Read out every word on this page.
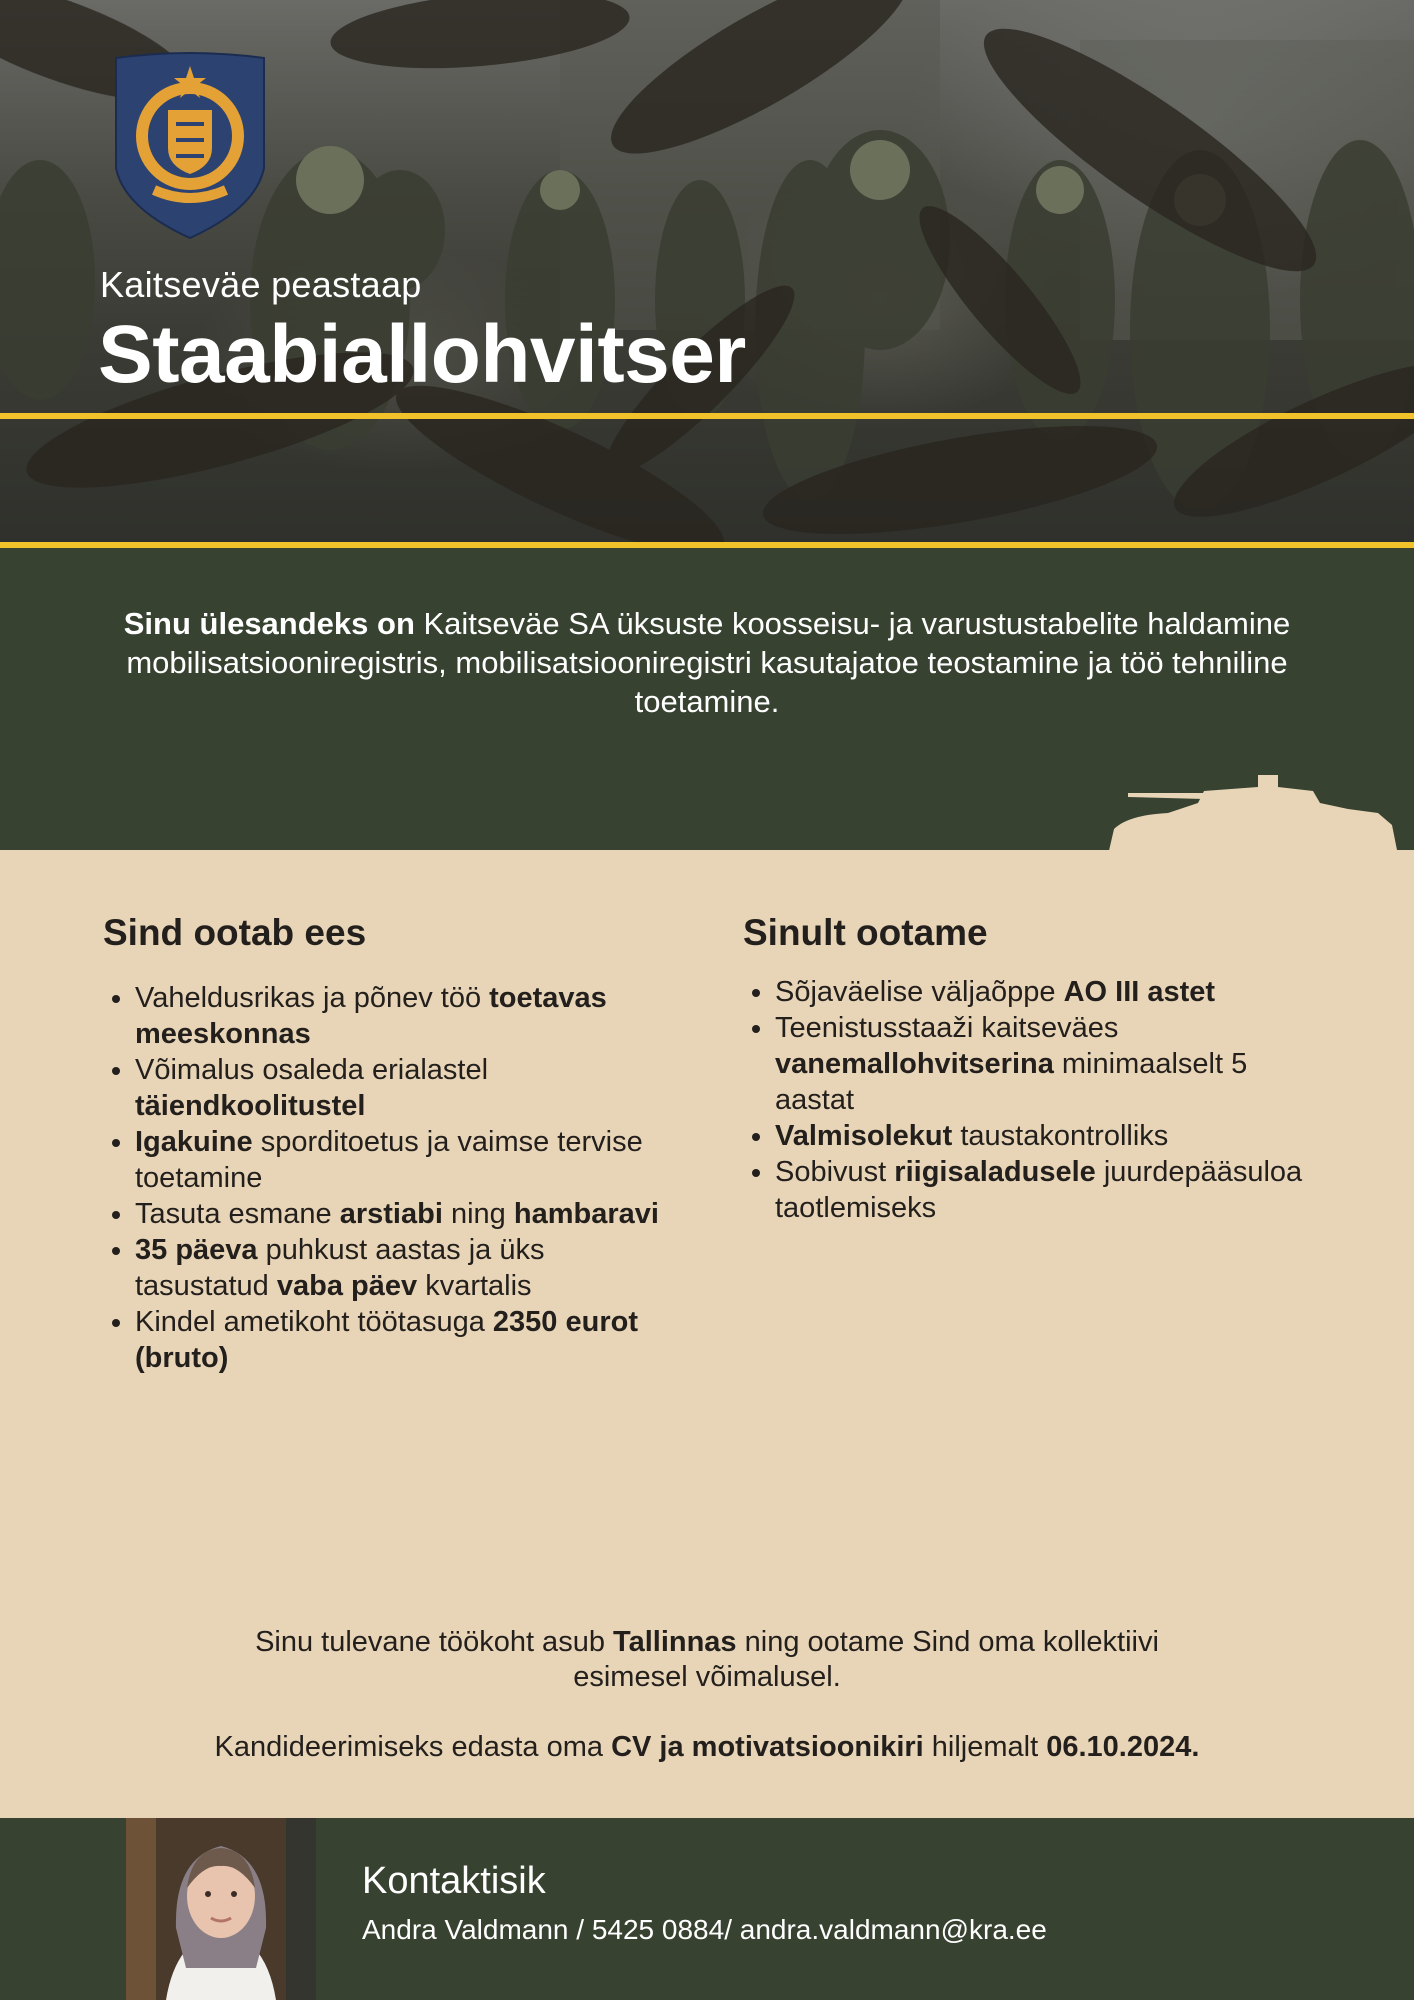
Kaitseväe peastaap
Staabiallohvitser

Sinu ülesandeks on Kaitseväe SA üksuste koosseisu- ja varustustabelite haldamine mobilisatsiooniregistris, mobilisatsiooniregistri kasutajatoe teostamine ja töö tehniline toetamine.

Sind ootab ees
• Vaheldusrikas ja põnev töö toetavas meeskonnas
• Võimalus osaleda erialastel täiendkoolitustel
• Igakuine sporditoetus ja vaimse tervise toetamine
• Tasuta esmane arstiabi ning hambaravi
• 35 päeva puhkust aastas ja üks tasustatud vaba päev kvartalis
• Kindel ametikoht töötasuga 2350 eurot (bruto)
Sinult ootame
• Sõjaväelise väljaõppe AO III astet
• Teenistusstaaži kaitseväes vanemallohvitserina minimaalselt 5 aastat
• Valmisolekut taustakontrolliks
• Sobivust riigisaladusele juurdepääsuloa taotlemiseks

Sinu tulevane töökoht asub Tallinnas ning ootame Sind oma kollektiivi esimesel võimalusel.

Kandideerimiseks edasta oma CV ja motivatsioonikiri hiljemalt 06.10.2024.

Kontaktisik
Andra Valdmann / 5425 0884/ andra.valdmann@kra.ee
